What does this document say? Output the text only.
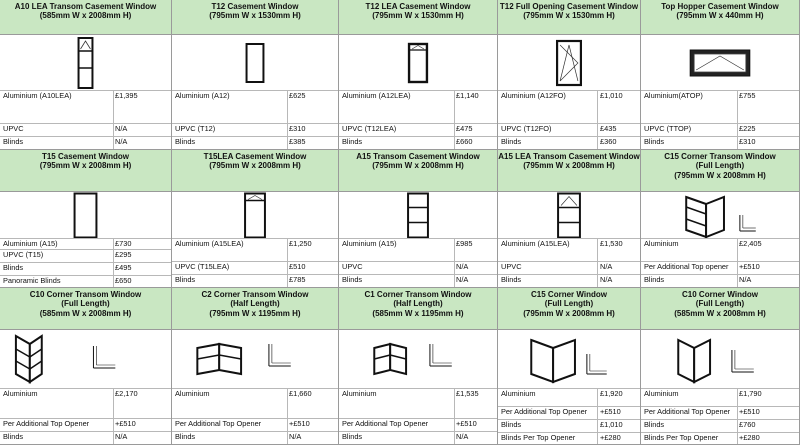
A10 LEA Transom Casement Window
(585mm W x 2008mm H)
Aluminium (A10LEA)	£1,395
UPVC	N/A
Blinds	N/A
T12 Casement Window
(795mm W x 1530mm H)
Aluminium (A12)	£625
UPVC (T12)	£310
Blinds	£385
T12 LEA Casement Window
(795mm W x 1530mm H)
Aluminium (A12LEA)	£1,140
UPVC (T12LEA)	£475
Blinds	£660
T12 Full Opening Casement Window
(795mm W x 1530mm H)
Aluminium (A12FO)	£1,010
UPVC (T12FO)	£435
Blinds	£360
Top Hopper Casement Window
(795mm W x 440mm H)
Aluminium(ATOP)	£755
UPVC (TTOP)	£225
Blinds	£310
T15 Casement Window
(795mm W x 2008mm H)
Aluminium (A15)	£730
UPVC (T15)	£295
Blinds	£495
Panoramic Blinds	£650
T15LEA Casement Window
(795mm W x 2008mm H)
Aluminium (A15LEA)	£1,250
UPVC (T15LEA)	£510
Blinds	£785
A15 Transom Casement Window
(795mm W x 2008mm H)
Aluminium (A15)	£985
UPVC	N/A
Blinds	N/A
A15 LEA Transom Casement Window
(795mm W x 2008mm H)
Aluminium (A15LEA)	£1,530
UPVC	N/A
Blinds	N/A
C15 Corner Transom Window
(Full Length)
(795mm W x 2008mm H)
Aluminium	£2,405
Per Additional Top opener	+£510
Blinds	N/A
C10 Corner Transom Window
(Full Length)
(585mm W x 2008mm H)
Aluminium	£2,170
Per Additional Top Opener	+£510
Blinds	N/A
C2 Corner Transom Window
(Half Length)
(795mm W x 1195mm H)
Aluminium	£1,660
Per Additional Top Opener	+£510
Blinds	N/A
C1 Corner Transom Window
(Half Length)
(585mm W x 1195mm H)
Aluminium	£1,535
Per Additional Top Opener	+£510
Blinds	N/A
C15 Corner Window
(Full Length)
(795mm W x 2008mm H)
Aluminium	£1,920
Per Additional Top Opener	+£510
Blinds	£1,010
Blinds Per Top Opener	+£280
C10 Corner Window
(Full Length)
(585mm W x 2008mm H)
Aluminium	£1,790
Per Additional Top Opener	+£510
Blinds	£760
Blinds Per Top Opener	+£280
